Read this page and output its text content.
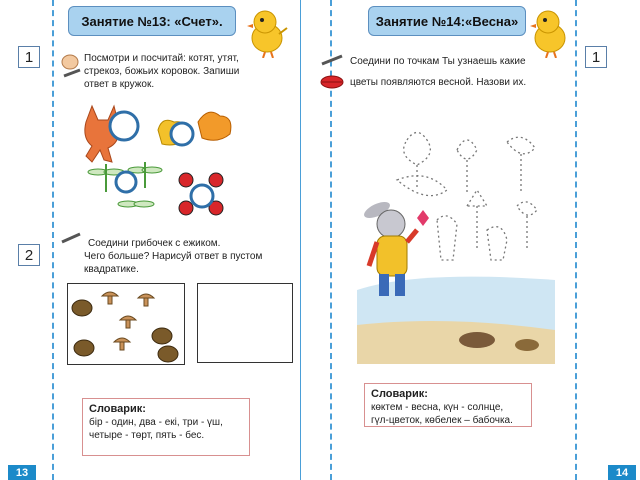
Занятие №13: «Счет».
1
2
Посмотри и посчитай: котят, утят, стрекоз, божьих коровок. Запиши ответ в кружок.
Соедини грибочек с ежиком.
Чего больше? Нарисуй ответ в пустом квадратике.
Словарик:
бір - один, два - екі, три - үш,
четыре - төрт, пять - бес.
13
Занятие №14:«Весна»
1
Соедини по точкам Ты узнаешь какие
цветы появляются весной. Назови их.
Словарик:
көктем - весна, күн - солнце,
гүл-цветок, көбелек – бабочка.
14
